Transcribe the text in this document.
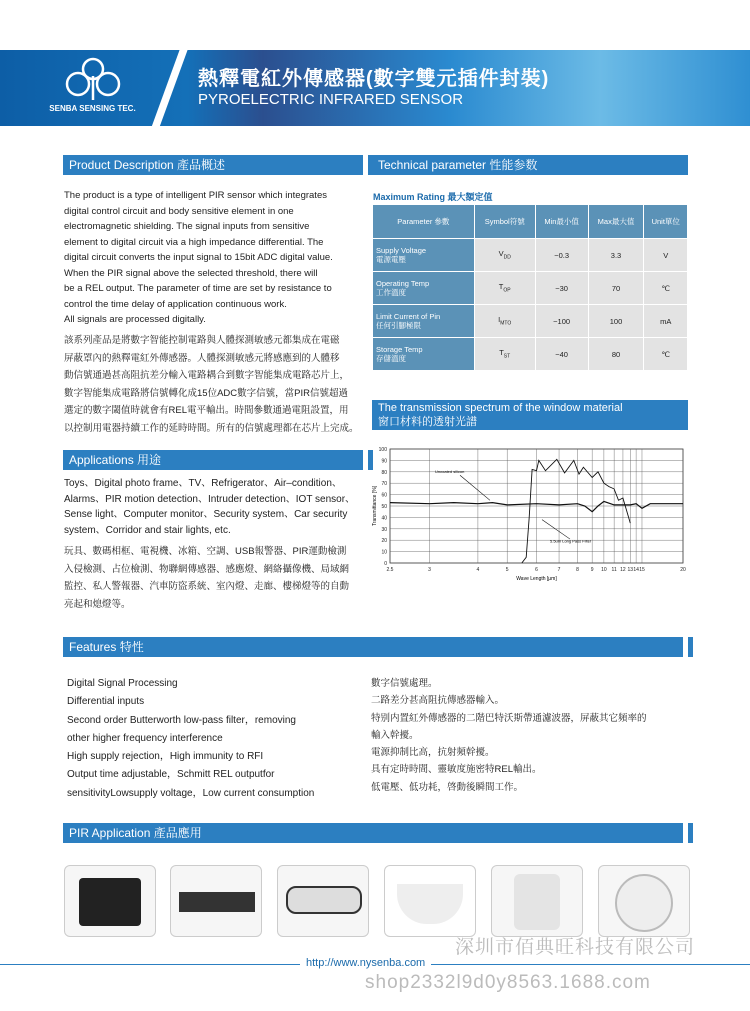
SENBA SENSING TEC.
熱釋電紅外傳感器(數字雙元插件封裝)
PYROELECTRIC INFRARED SENSOR
Product Description 產品概述
The product is a type of intelligent PIR sensor which integrates
digital control circuit and body sensitive element in one
electromagnetic shielding. The signal inputs from sensitive
element to digital circuit via a high impedance differential. The
digital circuit converts the input signal to 15bit ADC digital value.
When the PIR signal above the selected threshold, there will
be a REL output. The parameter of time are set by resistance to
control the time delay of application continuous work.
All signals are processed digitally.
該系列產品是將數字智能控制電路與人體探測敏感元都集成在電磁
屏蔽罩內的熱釋電紅外傳感器。人體探測敏感元將感應到的人體移
動信號通過甚高阻抗差分輸入電路耦合到數字智能集成電路芯片上，
數字智能集成電路將信號轉化成15位ADC數字信號，當PIR信號超過
選定的數字閾值時就會有REL電平輸出。時間參數通過電阻設置，用
以控制用電器持續工作的延時時間。所有的信號處理都在芯片上完成。
Applications 用途
Toys、Digital photo frame、TV、Refrigerator、Air–condition、
Alarms、PIR motion detection、Intruder detection、IOT sensor、
Sense light、Computer monitor、Security system、Car security
system、Corridor and stair lights, etc.
玩具、數碼相框、電視機、冰箱、空調、USB報警器、PIR運動檢測
入侵檢測、占位檢測、物聯網傳感器、感應燈、網絡攝像機、局域網
監控、私人警報器、汽車防盜系統、室內燈、走廊、樓梯燈等的自動
亮起和熄燈等。
Technical parameter 性能参数
Maximum Rating 最大額定值
Parameter 參數	Symbol符號	Min最小值	Max最大值	Unit單位

Supply Voltage
電源電壓	$V_{DD}$	−0.3	3.3	V

Operating Temp
工作溫度	$T_{OP}$	−30	70	℃

Limit Current of Pin
任何引腳極限	$I_{MTO}$	−100	100	mA

Storage Temp
存儲溫度	$T_{ST}$	−40	80	℃
The transmission spectrum of the window material
窗口材料的透射光譜
0
10
20
30
40
50
60
70
80
90
100
2.5	3	4	5	6	7	8 9 10 11 12 13 14 15	20
Wave Length [μm]
Transmittance [%]
Uncoated silicon
5.5um Long Pass Filter
Features 特性
Digital Signal Processing
Differential inputs
Second order Butterworth low-pass filter，removing
other higher frequency interference
High supply rejection，High immunity to RFI
Output time adjustable，Schmitt REL outputfor
sensitivityLowsupply voltage，Low current consumption
數字信號處理。
二路差分甚高阻抗傳感器輸入。
特别内置紅外傳感器的二階巴特沃斯帶通濾波器，屏蔽其它頻率的
輸入幹擾。
電源抑制比高，抗射頻幹擾。
具有定時時間、靈敏度施密特REL輸出。
低電壓、低功耗，啓動後瞬間工作。
PIR Application 產品應用
深圳市佰典旺科技有限公司
http://www.nysenba.com
shop2332l9d0y8563.1688.com
